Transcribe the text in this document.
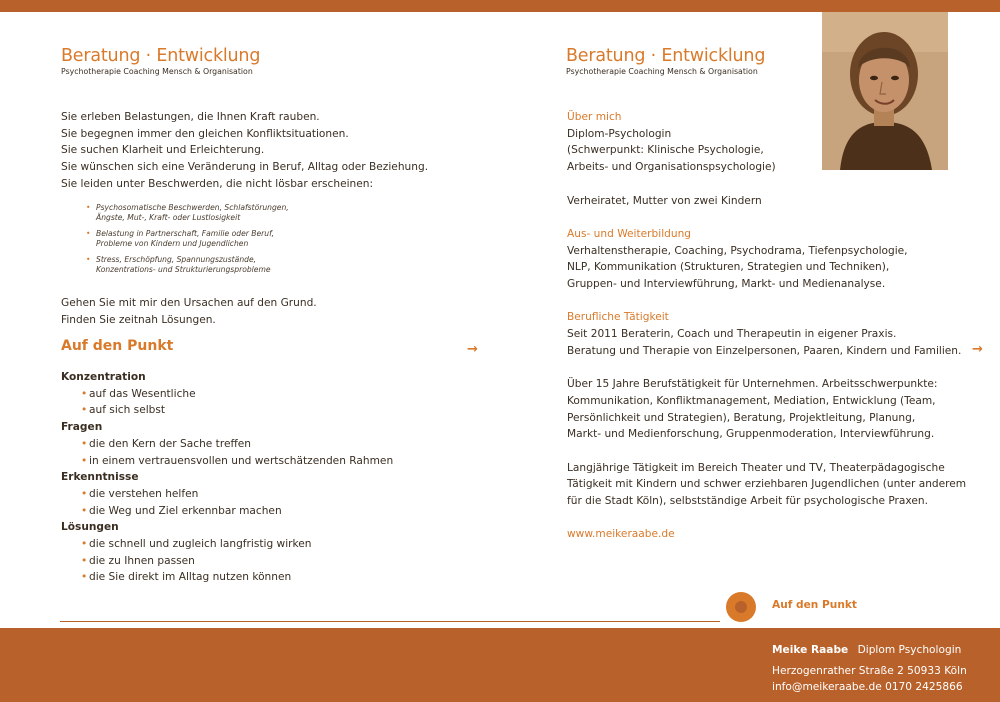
Beratung · Entwicklung
Psychotherapie Coaching Mensch & Organisation
Sie erleben Belastungen, die Ihnen Kraft rauben.
Sie begegnen immer den gleichen Konfliktsituationen.
Sie suchen Klarheit und Erleichterung.
Sie wünschen sich eine Veränderung in Beruf, Alltag oder Beziehung.
Sie leiden unter Beschwerden, die nicht lösbar erscheinen:
• Psychosomatische Beschwerden, Schlafstörungen,
Ängste, Mut-, Kraft- oder Lustlosigkeit
• Belastung in Partnerschaft, Familie oder Beruf,
Probleme von Kindern und Jugendlichen
• Stress, Erschöpfung, Spannungszustände,
Konzentrations- und Strukturierungsprobleme
Gehen Sie mit mir den Ursachen auf den Grund.
Finden Sie zeitnah Lösungen.
Auf den Punkt
Konzentration
• auf das Wesentliche
• auf sich selbst
Fragen
• die den Kern der Sache treffen
• in einem vertrauensvollen und wertschätzenden Rahmen
Erkenntnisse
• die verstehen helfen
• die Weg und Ziel erkennbar machen
Lösungen
• die schnell und zugleich langfristig wirken
• die zu Ihnen passen
• die Sie direkt im Alltag nutzen können
→
Beratung · Entwicklung
Psychotherapie Coaching Mensch & Organisation
Über mich
Diplom-Psychologin
(Schwerpunkt: Klinische Psychologie,
Arbeits- und Organisationspsychologie)
Verheiratet, Mutter von zwei Kindern
Aus- und Weiterbildung
Verhaltenstherapie, Coaching, Psychodrama, Tiefenpsychologie,
NLP, Kommunikation (Strukturen, Strategien und Techniken),
Gruppen- und Interviewführung, Markt- und Medienanalyse.
Berufliche Tätigkeit
Seit 2011 Beraterin, Coach und Therapeutin in eigener Praxis.
Beratung und Therapie von Einzelpersonen, Paaren, Kindern und Familien.
Über 15 Jahre Berufstätigkeit für Unternehmen. Arbeitsschwerpunkte:
Kommunikation, Konfliktmanagement, Mediation, Entwicklung (Team,
Persönlichkeit und Strategien), Beratung, Projektleitung, Planung,
Markt- und Medienforschung, Gruppenmoderation, Interviewführung.
Langjährige Tätigkeit im Bereich Theater und TV, Theaterpädagogische
Tätigkeit mit Kindern und schwer erziehbaren Jugendlichen (unter anderem
für die Stadt Köln), selbstständige Arbeit für psychologische Praxen.
www.meikeraabe.de
→
Auf den Punkt
Meike Raabe Diplom Psychologin
Herzogenrather Straße 2 50933 Köln
info@meikeraabe.de 0170 2425866
